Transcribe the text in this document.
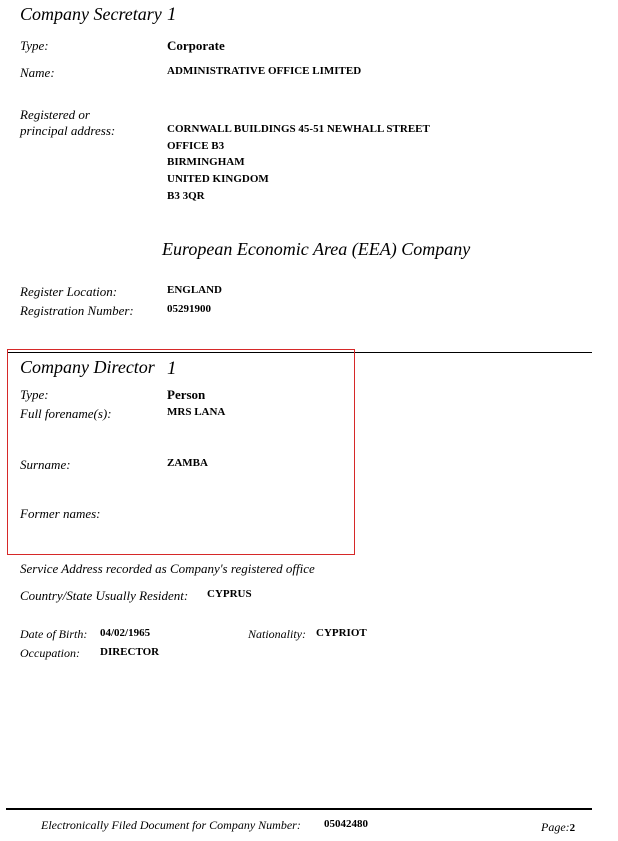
Company Secretary 1
Type:	Corporate
Name:	ADMINISTRATIVE OFFICE LIMITED
Registered or
principal address:	CORNWALL BUILDINGS 45-51 NEWHALL STREET
OFFICE B3
BIRMINGHAM
UNITED KINGDOM
B3 3QR
European Economic Area (EEA) Company
Register Location:	ENGLAND
Registration Number:	05291900
Company Director 1
Type:	Person
Full forename(s):	MRS LANA
Surname:	ZAMBA
Former names:
Service Address recorded as Company's registered office
Country/State Usually Resident: CYPRUS
Date of Birth: 04/02/1965	Nationality: CYPRIOT
Occupation: DIRECTOR
Electronically Filed Document for Company Number: 05042480	Page:2
